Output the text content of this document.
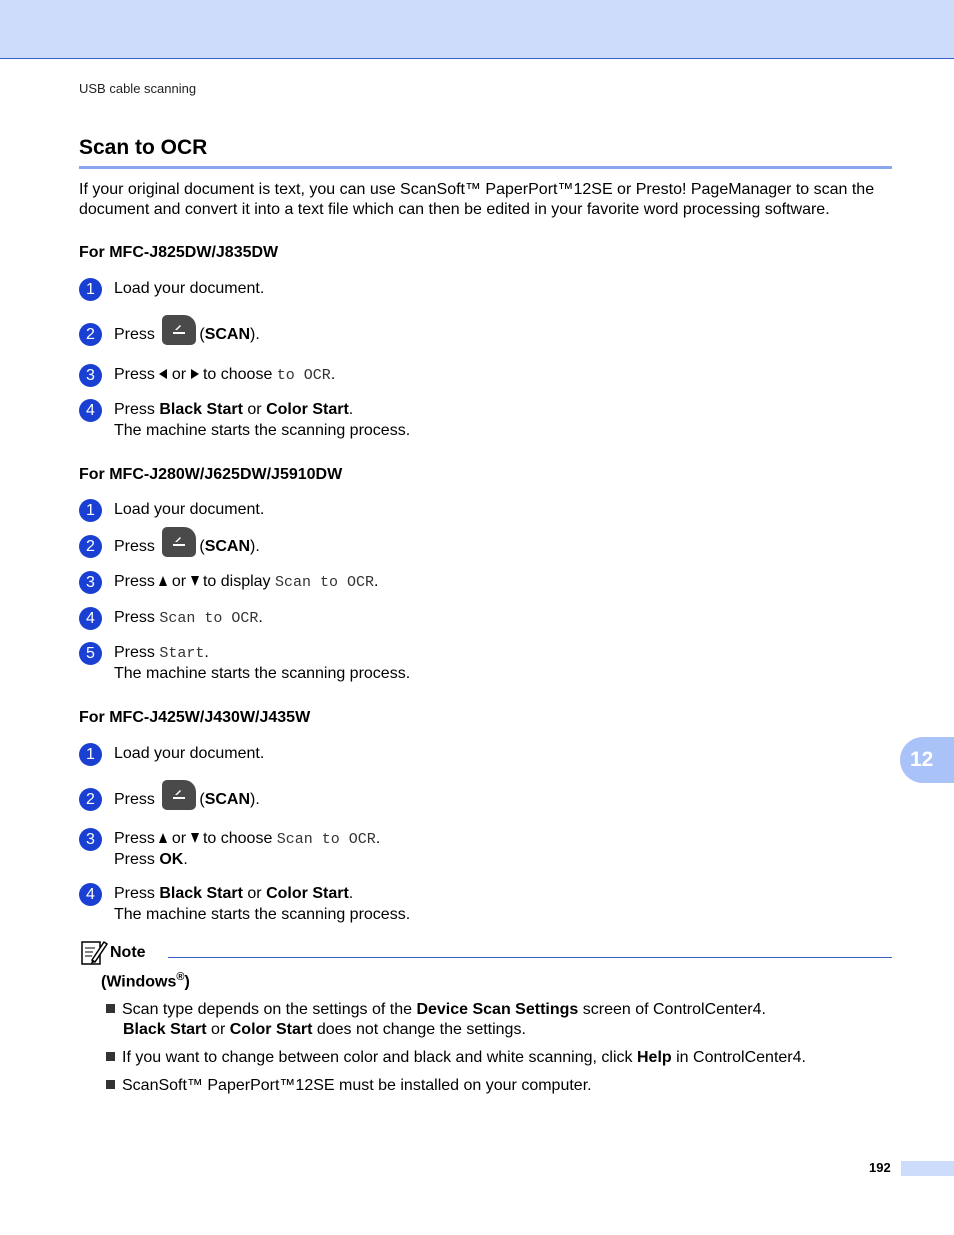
USB cable scanning
Scan to OCR
If your original document is text, you can use ScanSoft™ PaperPort™12SE or Presto! PageManager to scan the document and convert it into a text file which can then be edited in your favorite word processing software.
For MFC-J825DW/J835DW
1	Load your document.
2	Press	(SCAN).
3	Press or to choose to OCR.
4	Press Black Start or Color Start.
The machine starts the scanning process.
For MFC-J280W/J625DW/J5910DW
1	Load your document.
2	Press	(SCAN).
3	Press or to display Scan to OCR.
4	Press Scan to OCR.
5	Press Start.
The machine starts the scanning process.
For MFC-J425W/J430W/J435W
1	Load your document.
2	Press	(SCAN).
3	Press or to choose Scan to OCR.
Press OK.
4	Press Black Start or Color Start.
The machine starts the scanning process.
12
Note
(Windows®)
Scan type depends on the settings of the Device Scan Settings screen of ControlCenter4.
Black Start or Color Start does not change the settings.
If you want to change between color and black and white scanning, click Help in ControlCenter4.
ScanSoft™ PaperPort™12SE must be installed on your computer.
192
